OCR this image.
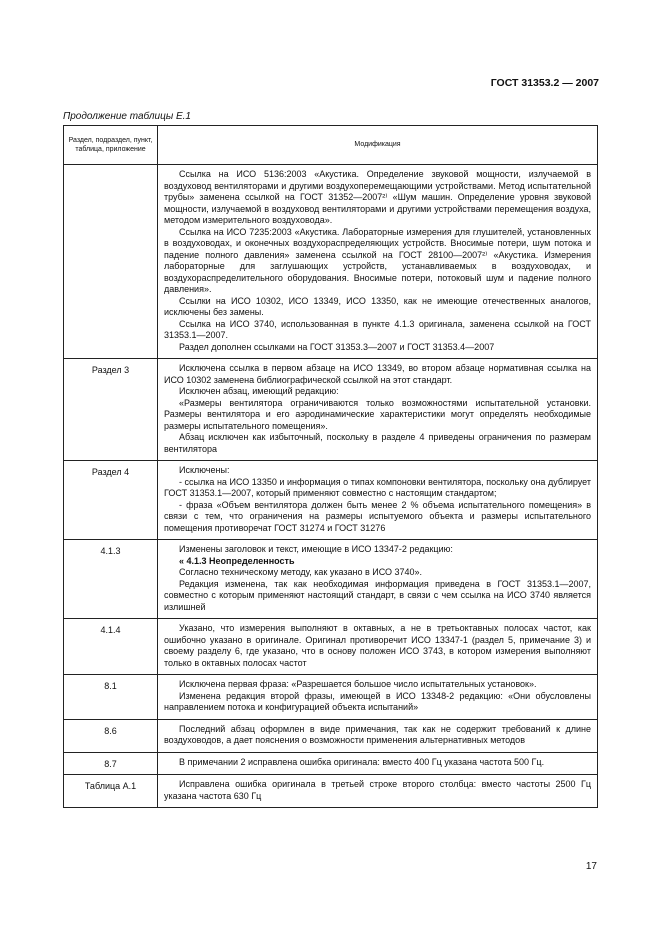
ГОСТ 31353.2 — 2007
Продолжение таблицы Е.1
Раздел, подраздел, пункт, таблица, приложение	Модификация

	Ссылка на ИСО 5136:2003 «Акустика. Определение звуковой мощности, излучаемой в воздуховод вентиляторами и другими воздухоперемещающими устройствами. Метод испытательной трубы» заменена ссылкой на ГОСТ 31352—2007²⁾ «Шум машин. Определение уровня звуковой мощности, излучаемой в воздуховод вентиляторами и другими устройствами перемещения воздуха, методом измерительного воздуховода».

Ссылка на ИСО 7235:2003 «Акустика. Лабораторные измерения для глушителей, установленных в воздуховодах, и оконечных воздухораспределяющих устройств. Вносимые потери, шум потока и падение полного давления» заменена ссылкой на ГОСТ 28100—2007²⁾ «Акустика. Измерения лабораторные для заглушающих устройств, устанавливаемых в воздуховодах, и воздухораспределительного оборудования. Вносимые потери, потоковый шум и падение полного давления».

Ссылки на ИСО 10302, ИСО 13349, ИСО 13350, как не имеющие отечественных аналогов, исключены без замены.

Ссылка на ИСО 3740, использованная в пункте 4.1.3 оригинала, заменена ссылкой на ГОСТ 31353.1—2007.

Раздел дополнен ссылками на ГОСТ 31353.3—2007 и ГОСТ 31353.4—2007

Раздел 3	Исключена ссылка в первом абзаце на ИСО 13349, во втором абзаце нормативная ссылка на ИСО 10302 заменена библиографической ссылкой на этот стандарт.

Исключен абзац, имеющий редакцию:

«Размеры вентилятора ограничиваются только возможностями испытательной установки. Размеры вентилятора и его аэродинамические характеристики могут определять необходимые размеры испытательного помещения».

Абзац исключен как избыточный, поскольку в разделе 4 приведены ограничения по размерам вентилятора

Раздел 4	Исключены:

- ссылка на ИСО 13350 и информация о типах компоновки вентилятора, поскольку она дублирует ГОСТ 31353.1—2007, который применяют совместно с настоящим стандартом;

- фраза «Объем вентилятора должен быть менее 2 % объема испытательного помещения» в связи с тем, что ограничения на размеры испытуемого объекта и размеры испытательного помещения противоречат ГОСТ 31274 и ГОСТ 31276

4.1.3	Изменены заголовок и текст, имеющие в ИСО 13347-2 редакцию:

« 4.1.3 Неопределенность

Согласно техническому методу, как указано в ИСО 3740».

Редакция изменена, так как необходимая информация приведена в ГОСТ 31353.1—2007, совместно с которым применяют настоящий стандарт, в связи с чем ссылка на ИСО 3740 является излишней

4.1.4	Указано, что измерения выполняют в октавных, а не в третьоктавных полосах частот, как ошибочно указано в оригинале. Оригинал противоречит ИСО 13347-1 (раздел 5, примечание 3) и своему разделу 6, где указано, что в основу положен ИСО 3743, в котором измерения выполняют только в октавных полосах частот

8.1	Исключена первая фраза: «Разрешается большое число испытательных установок».

Изменена редакция второй фразы, имеющей в ИСО 13348-2 редакцию: «Они обусловлены направлением потока и конфигурацией объекта испытаний»

8.6	Последний абзац оформлен в виде примечания, так как не содержит требований к длине воздуховодов, а дает пояснения о возможности применения альтернативных методов

8.7	В примечании 2 исправлена ошибка оригинала: вместо 400 Гц указана частота 500 Гц.

Таблица А.1	Исправлена ошибка оригинала в третьей строке второго столбца: вместо частоты 2500 Гц указана частота 630 Гц

17
